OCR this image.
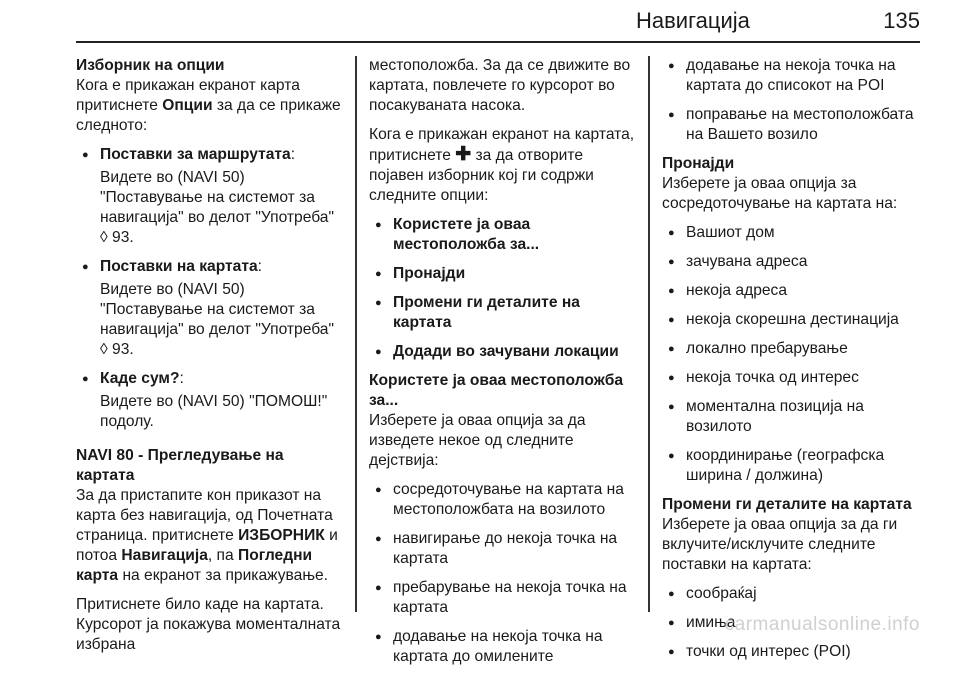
Навигација	135
Изборник на опции

Кога е прикажан екранот карта притиснете Опции за да се прикаже следното:

● Поставки за маршрутата:
Видете во (NAVI 50) "Поставување на системот за навигација" во делот "Употреба" ◊ 93.
● Поставки на картата:
Видете во (NAVI 50) "Поставување на системот за навигација" во делот "Употреба" ◊ 93.
● Каде сум?:
Видете во (NAVI 50) "ПОМОШ!" подолу.
NAVI 80 - Прегледување на картата

За да пристапите кон приказот на карта без навигација, од Почетната страница. притиснете ИЗБОРНИК и потоа Навигација, па Погледни карта на екранот за прикажување.

Притиснете било каде на картата. Курсорот ја покажува моменталната избрана

местоположба. За да се движите во картата, повлечете го курсорот во посакуваната насока.

Кога е прикажан екранот на картата, притиснете ✚ за да отворите појавен изборник кој ги содржи следните опции:

● Користете ја оваа местоположба за...
● Пронајди
● Промени ги деталите на картата
● Додади во зачувани локации
Користете ја оваа местоположба за...

Изберете ја оваа опција за да изведете некое од следните дејствија:

● сосредоточување на картата на местоположбата на возилото
● навигирање до некоја точка на картата
● пребарување на некоја точка на картата
● додавање на некоја точка на картата до омилените
● додавање на некоја точка на картата до списокот на POI
● поправање на местоположбата на Вашето возило
Пронајди

Изберете ја оваа опција за сосредоточување на картата на:

● Вашиот дом
● зачувана адреса
● некоја адреса
● некоја скорешна дестинација
● локално пребарување
● некоја точка од интерес
● моментална позиција на возилото
● координирање (географска ширина / должина)
Промени ги деталите на картата

Изберете ја оваа опција за да ги вклучите/исклучите следните поставки на картата:

● сообраќај
● имиња
● точки од интерес (POI)
carmanualsonline.info
